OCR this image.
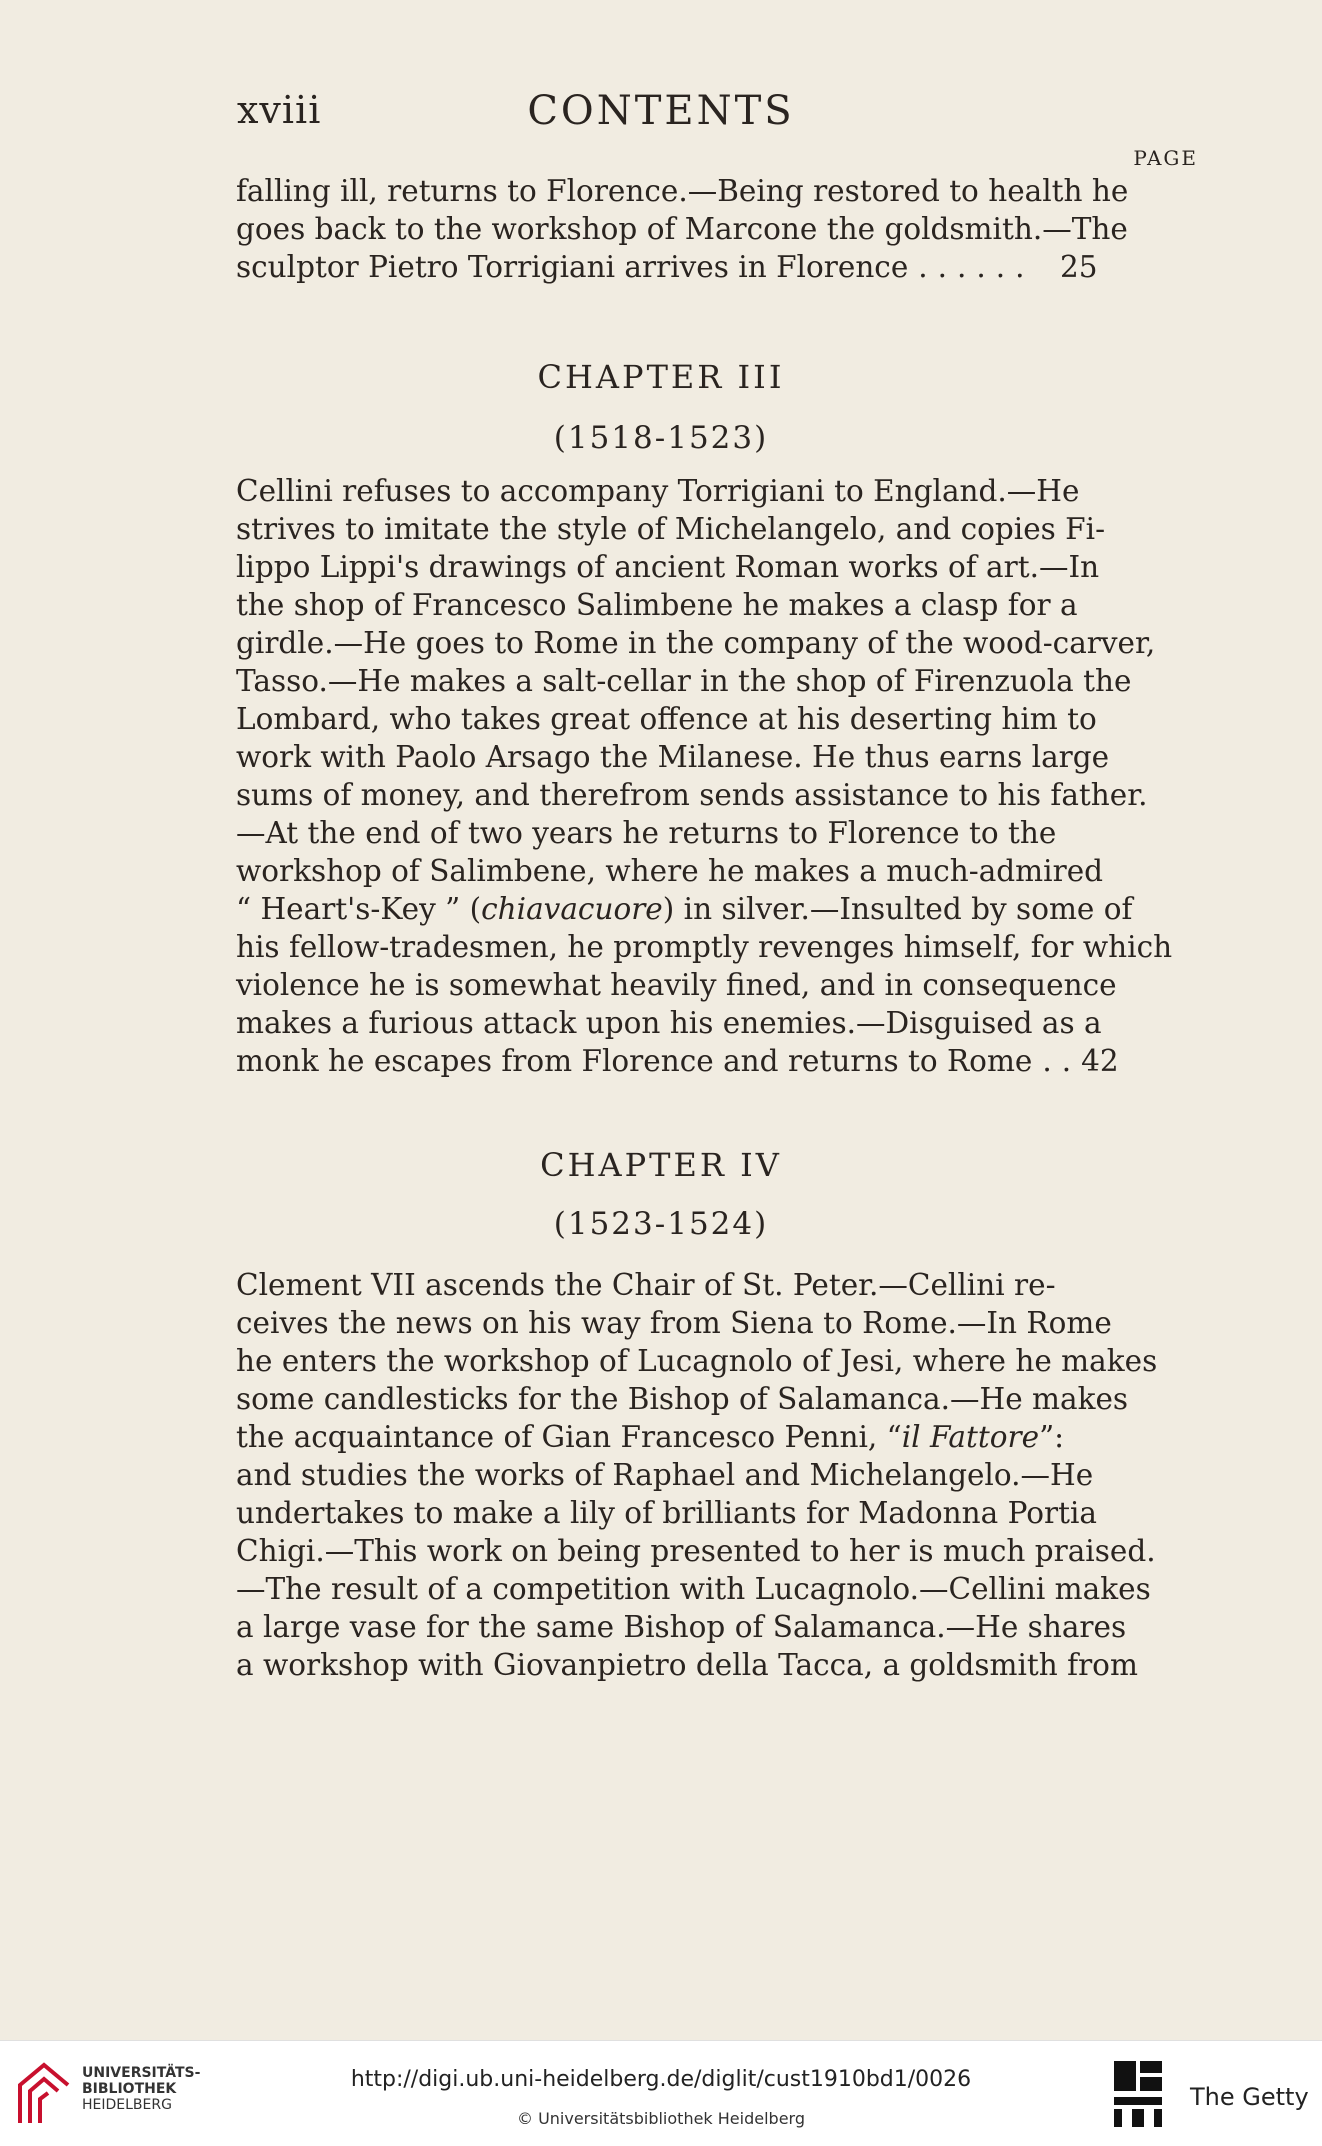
xviii	CONTENTS
PAGE
falling ill, returns to Florence.—Being restored to health he
goes back to the workshop of Marcone the goldsmith.—The
sculptor Pietro Torrigiani arrives in Florence ...... 25
CHAPTER III
(1518-1523)
Cellini refuses to accompany Torrigiani to England.—He
strives to imitate the style of Michelangelo, and copies Fi-
lippo Lippi's drawings of ancient Roman works of art.—In
the shop of Francesco Salimbene he makes a clasp for a
girdle.—He goes to Rome in the company of the wood-carver,
Tasso.—He makes a salt-cellar in the shop of Firenzuola the
Lombard, who takes great offence at his deserting him to
work with Paolo Arsago the Milanese. He thus earns large
sums of money, and therefrom sends assistance to his father.
—At the end of two years he returns to Florence to the
workshop of Salimbene, where he makes a much-admired
“ Heart's-Key ” (chiavacuore) in silver.—Insulted by some of
his fellow-tradesmen, he promptly revenges himself, for which
violence he is somewhat heavily fined, and in consequence
makes a furious attack upon his enemies.—Disguised as a
monk he escapes from Florence and returns to Rome .. 42
CHAPTER IV
(1523-1524)
Clement VII ascends the Chair of St. Peter.—Cellini re-
ceives the news on his way from Siena to Rome.—In Rome
he enters the workshop of Lucagnolo of Jesi, where he makes
some candlesticks for the Bishop of Salamanca.—He makes
the acquaintance of Gian Francesco Penni, “il Fattore”:
and studies the works of Raphael and Michelangelo.—He
undertakes to make a lily of brilliants for Madonna Portia
Chigi.—This work on being presented to her is much praised.
—The result of a competition with Lucagnolo.—Cellini makes
a large vase for the same Bishop of Salamanca.—He shares
a workshop with Giovanpietro della Tacca, a goldsmith from
UNIVERSITÄTS-
BIBLIOTHEK
HEIDELBERG
http://digi.ub.uni-heidelberg.de/diglit/cust1910bd1/0026
© Universitätsbibliothek Heidelberg
The Getty
